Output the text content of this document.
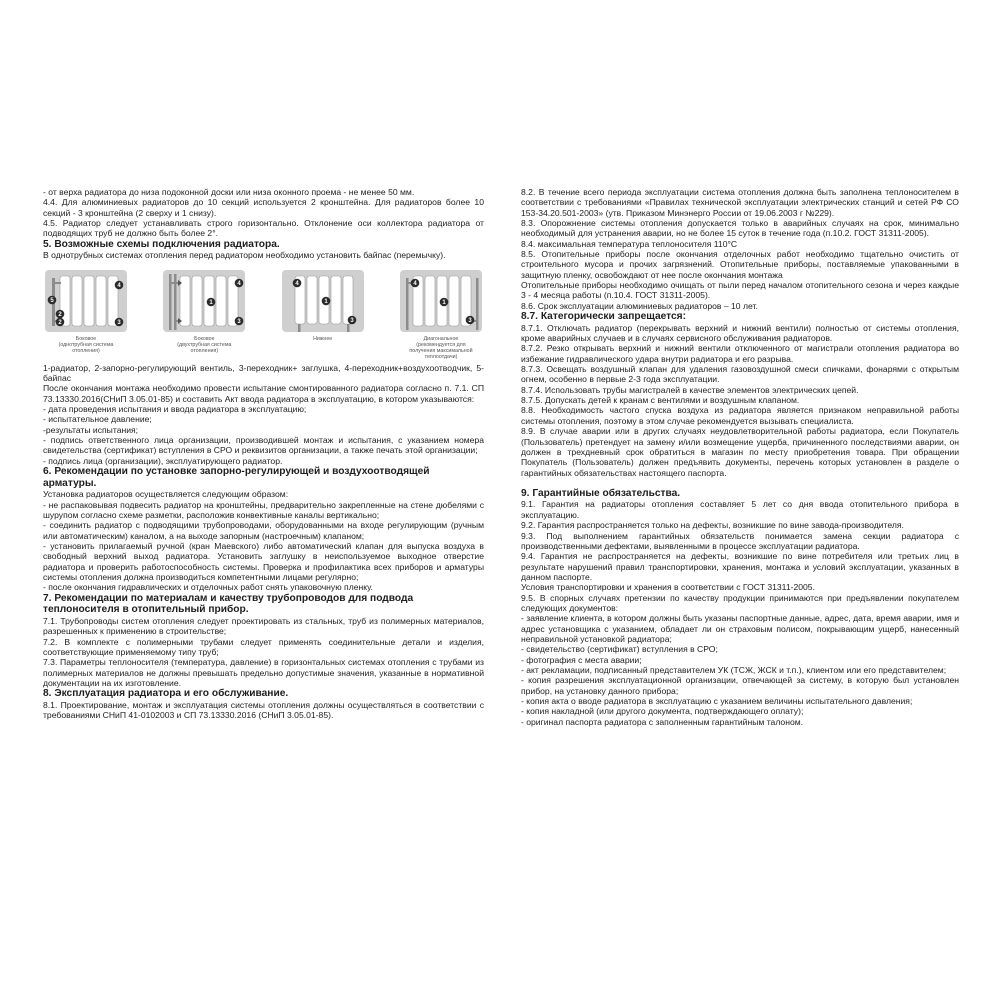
- от верха радиатора до низа подоконной доски или низа оконного проема - не менее 50 мм.

4.4. Для алюминиевых радиаторов до 10 секций используется 2 кронштейна. Для радиаторов более 10 секций - 3 кронштейна (2 сверху и 1 снизу).

4.5. Радиатор следует устанавливать строго горизонтально. Отклонение оси коллектора радиатора от подводящих труб не должно быть более 2°.

5. Возможные схемы подключения радиатора.

В однотрубных системах отопления перед радиатором необходимо установить байпас (перемычку).

4
5
2
2	3
Боковое
(однотрубная система
отопления)
4
1
3
Боковое
(двухтрубная система
отопления)
4
1
3
Нижнее
4
1
3
Диагональное
(рекомендуется для
получения максимальной
теплоотдачи)

1-радиатор, 2-запорно-регулирующий вентиль, 3-переходник+ заглушка, 4-переходник+воздухоотводчик, 5-байпас

После окончания монтажа необходимо провести испытание смонтированного радиатора согласно п. 7.1. СП 73.13330.2016(СНиП 3.05.01-85) и составить Акт ввода радиатора в эксплуатацию, в котором указываются:

- дата проведения испытания и ввода радиатора в эксплуатацию;

- испытательное давление;

-результаты испытания;

- подпись ответственного лица организации, производившей монтаж и испытания, с указанием номера свидетельства (сертификат) вступления в СРО и реквизитов организации, а также печать этой организации;

- подпись лица (организации), эксплуатирующего радиатор.

6. Рекомендации по установке запорно-регулирующей и воздухоотводящей арматуры.

Установка радиаторов осуществляется следующим образом:

- не распаковывая подвесить радиатор на кронштейны, предварительно закрепленные на стене дюбелями с шурупом согласно схеме разметки, расположив конвективные каналы вертикально;

- соединить радиатор с подводящими трубопроводами, оборудованными на входе регулирующим (ручным или автоматическим) каналом, а на выходе запорным (настроечным) клапаном;

- установить прилагаемый ручной (кран Маевского) либо автоматический клапан для выпуска воздуха в свободный верхний выход радиатора. Установить заглушку в неиспользуемое выходное отверстие радиатора и проверить работоспособность системы. Проверка и профилактика всех приборов и арматуры системы отопления должна производиться компетентными лицами регулярно;

- после окончания гидравлических и отделочных работ снять упаковочную пленку.

7. Рекомендации по материалам и качеству трубопроводов для подвода теплоносителя в отопительный прибор.

7.1. Трубопроводы систем отопления следует проектировать из стальных, труб из полимерных материалов, разрешенных к применению в строительстве;

7.2. В комплекте с полимерными трубами следует применять соединительные детали и изделия, соответствующие применяемому типу труб;

7.3. Параметры теплоносителя (температура, давление) в горизонтальных системах отопления с трубами из полимерных материалов не должны превышать предельно допустимые значения, указанные в нормативной документации на их изготовление.

8. Эксплуатация радиатора и его обслуживание.

8.1. Проектирование, монтаж и эксплуатация системы отопления должны осуществляться в соответствии с требованиями СНиП 41-0102003 и СП 73.13330.2016 (СНиП 3.05.01-85).

8.2. В течение всего периода эксплуатации система отопления должна быть заполнена теплоносителем в соответствии с требованиями «Правилах технической эксплуатации электрических станций и сетей РФ СО 153-34.20.501-2003» (утв. Приказом Минэнерго России от 19.06.2003 г №229).

8.3. Опорожнение системы отопления допускается только в аварийных случаях на срок, минимально необходимый для устранения аварии, но не более 15 суток в течение года (п.10.2. ГОСТ 31311-2005).

8.4. максимальная температура теплоносителя 110°С

8.5. Отопительные приборы после окончания отделочных работ необходимо тщательно очистить от строительного мусора и прочих загрязнений. Отопительные приборы, поставляемые упакованными в защитную пленку, освобождают от нее после окончания монтажа

Отопительные приборы необходимо очищать от пыли перед началом отопительного сезона и через каждые 3 - 4 месяца работы (п.10.4. ГОСТ 31311-2005).

8.6. Срок эксплуатации алюминиевых радиаторов – 10 лет.

8.7. Категорически запрещается:

8.7.1. Отключать радиатор (перекрывать верхний и нижний вентили) полностью от системы отопления, кроме аварийных случаев и в случаях сервисного обслуживания радиаторов.

8.7.2. Резко открывать верхний и нижний вентили отключенного от магистрали отопления радиатора во избежание гидравлического удара внутри радиатора и его разрыва.

8.7.3. Освещать воздушный клапан для удаления газовоздушной смеси спичками, фонарями с открытым огнем, особенно в первые 2-3 года эксплуатации.

8.7.4. Использовать трубы магистралей в качестве элементов электрических цепей.

8.7.5. Допускать детей к кранам с вентилями и воздушным клапаном.

8.8. Необходимость частого спуска воздуха из радиатора является признаком неправильной работы системы отопления, поэтому в этом случае рекомендуется вызывать специалиста.

8.9. В случае аварии или в других случаях неудовлетворительной работы радиатора, если Покупатель (Пользователь) претендует на замену и/или возмещение ущерба, причиненного последствиями аварии, он должен в трехдневный срок обратиться в магазин по месту приобретения товара. При обращении Покупатель (Пользователь) должен предъявить документы, перечень которых установлен в разделе о гарантийных обязательствах настоящего паспорта.

9. Гарантийные обязательства.

9.1. Гарантия на радиаторы отопления составляет 5 лет со дня ввода отопительного прибора в эксплуатацию.

9.2. Гарантия распространяется только на дефекты, возникшие по вине завода-производителя.

9.3. Под выполнением гарантийных обязательств понимается замена секции радиатора с производственными дефектами, выявленными в процессе эксплуатации радиатора.

9.4. Гарантия не распространяется на дефекты, возникшие по вине потребителя или третьих лиц в результате нарушений правил транспортировки, хранения, монтажа и условий эксплуатации, указанных в данном паспорте.

Условия транспортировки и хранения в соответствии с ГОСТ 31311-2005.

9.5. В спорных случаях претензии по качеству продукции принимаются при предъявлении покупателем следующих документов:

- заявление клиента, в котором должны быть указаны паспортные данные, адрес, дата, время аварии, имя и адрес установщика с указанием, обладает ли он страховым полисом, покрывающим ущерб, нанесенный неправильной установкой радиатора;

- свидетельство (сертификат) вступления в СРО;

- фотография с места аварии;

- акт рекламации, подписанный представителем УК (ТСЖ, ЖСК и т.п.), клиентом или его представителем;

- копия разрешения эксплуатационной организации, отвечающей за систему, в которую был установлен прибор, на установку данного прибора;

- копия акта о вводе радиатора в эксплуатацию с указанием величины испытательного давления;

- копия накладной (или другого документа, подтверждающего оплату);

- оригинал паспорта радиатора с заполненным гарантийным талоном.
